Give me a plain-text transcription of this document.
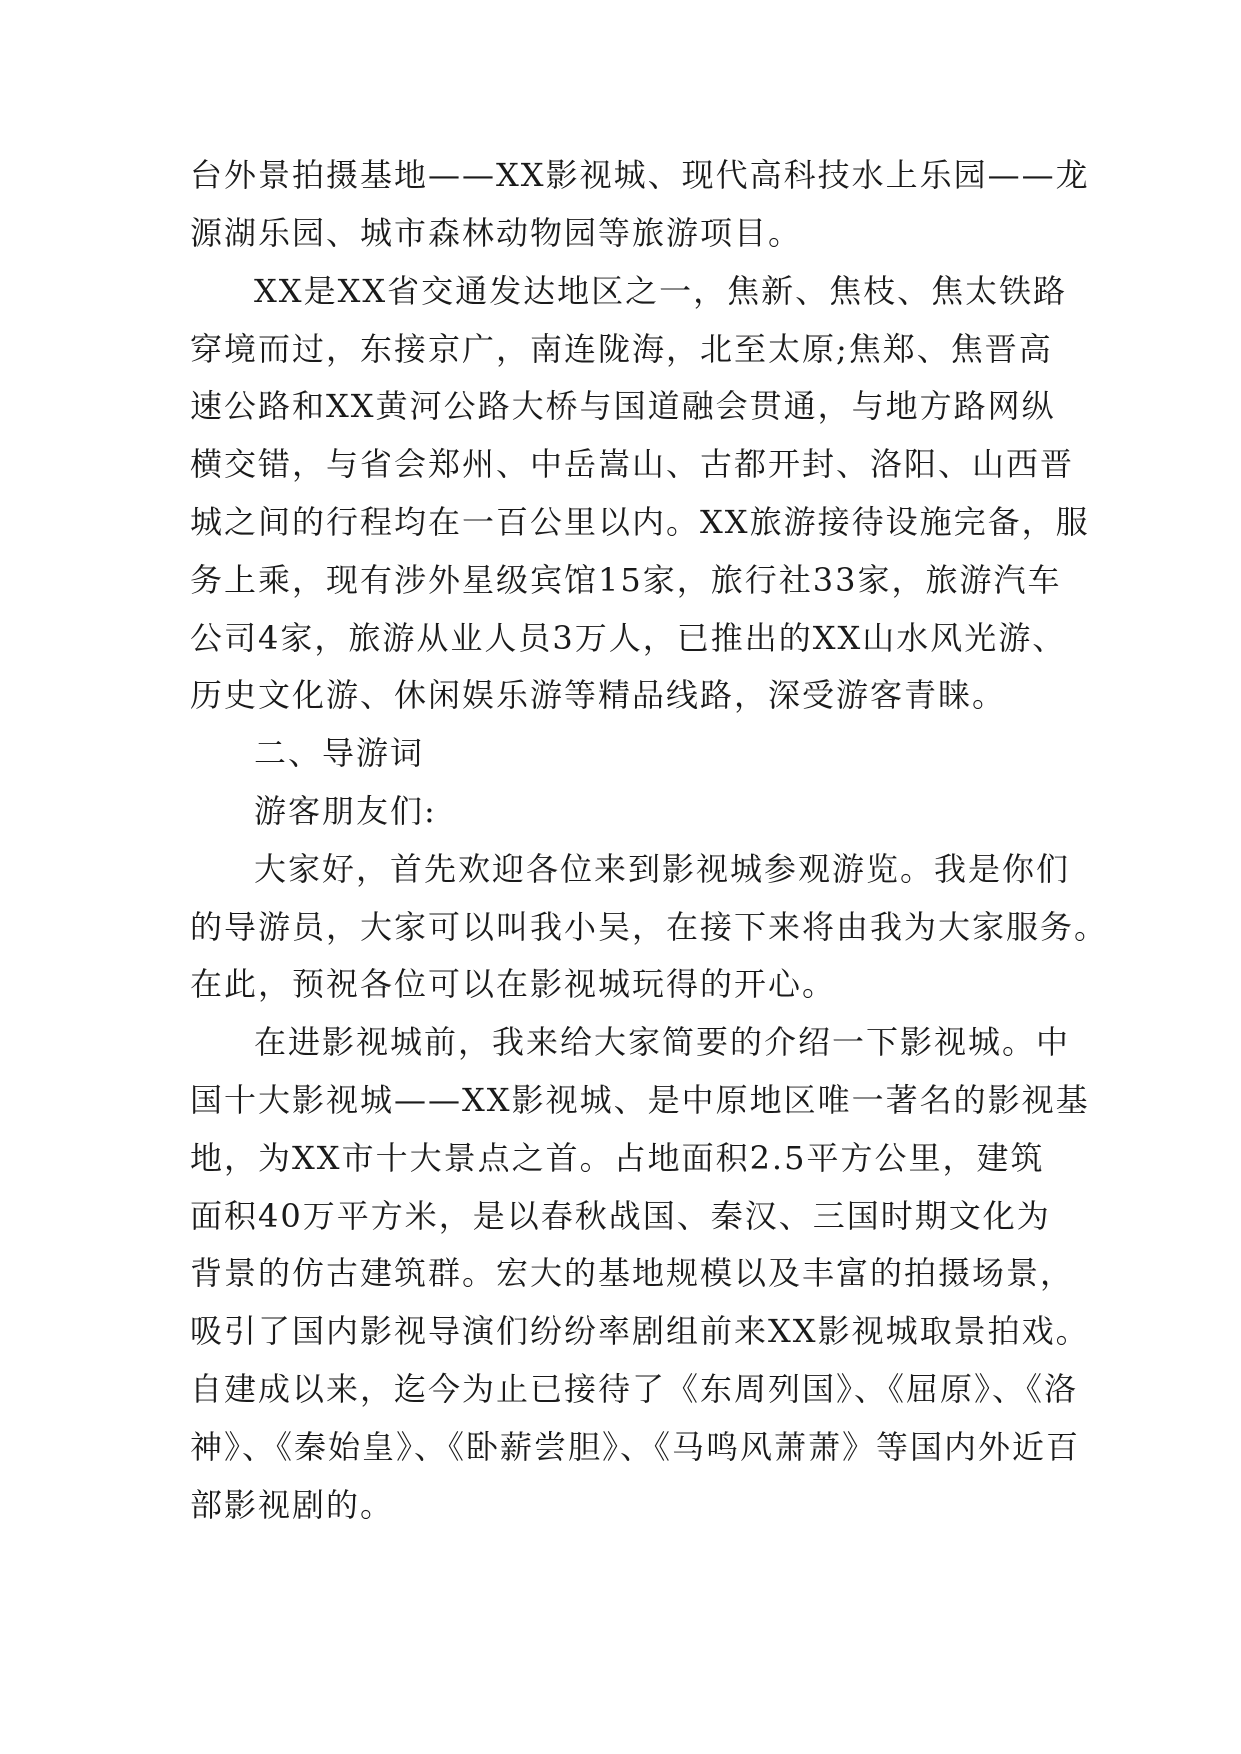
台外景拍摄基地——XX影视城、现代高科技水上乐园——龙
源湖乐园、城市森林动物园等旅游项目。
XX是XX省交通发达地区之一，焦新、焦枝、焦太铁路
穿境而过，东接京广，南连陇海，北至太原;焦郑、焦晋高
速公路和XX黄河公路大桥与国道融会贯通，与地方路网纵
横交错，与省会郑州、中岳嵩山、古都开封、洛阳、山西晋
城之间的行程均在一百公里以内。XX旅游接待设施完备，服
务上乘，现有涉外星级宾馆15家，旅行社33家，旅游汽车
公司4家，旅游从业人员3万人，已推出的XX山水风光游、
历史文化游、休闲娱乐游等精品线路，深受游客青睐。
二、导游词
游客朋友们:
大家好，首先欢迎各位来到影视城参观游览。我是你们
的导游员，大家可以叫我小吴，在接下来将由我为大家服务。
在此，预祝各位可以在影视城玩得的开心。
在进影视城前，我来给大家简要的介绍一下影视城。中
国十大影视城——XX影视城、是中原地区唯一著名的影视基
地，为XX市十大景点之首。占地面积2.5平方公里，建筑
面积40万平方米，是以春秋战国、秦汉、三国时期文化为
背景的仿古建筑群。宏大的基地规模以及丰富的拍摄场景，
吸引了国内影视导演们纷纷率剧组前来XX影视城取景拍戏。
自建成以来，迄今为止已接待了《东周列国》、《屈原》、《洛
神》、《秦始皇》、《卧薪尝胆》、《马鸣风萧萧》等国内外近百
部影视剧的。
